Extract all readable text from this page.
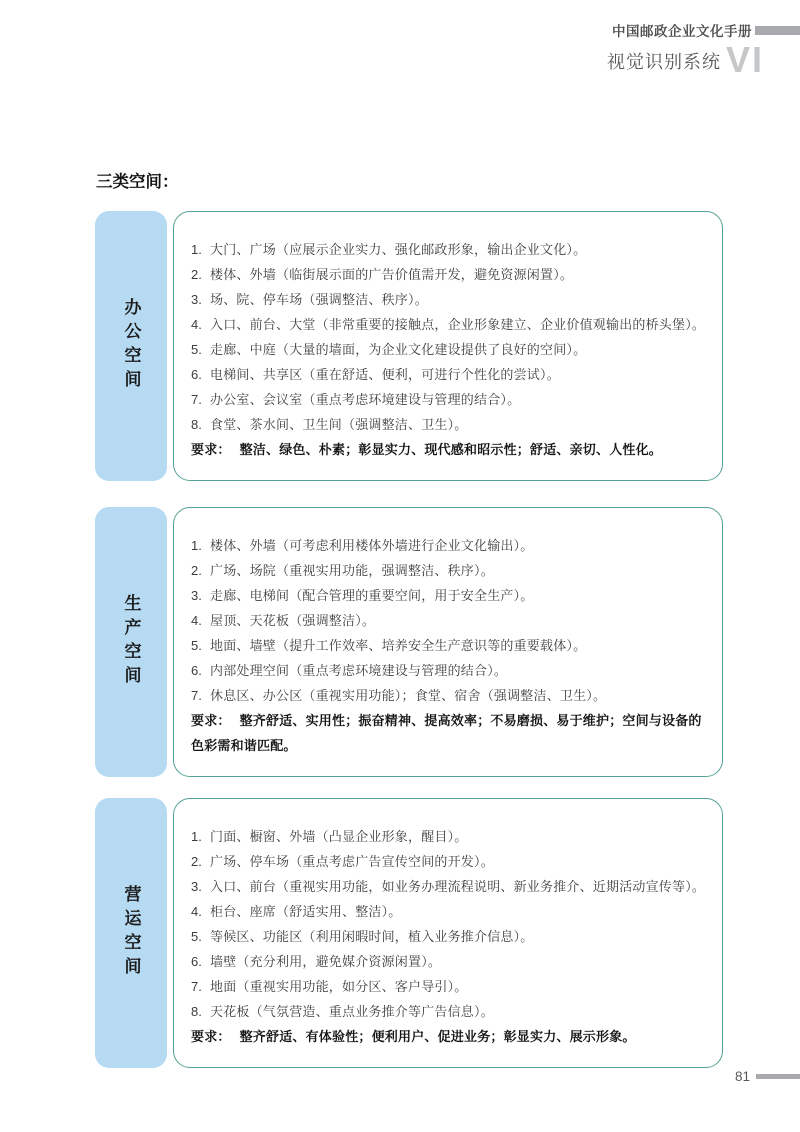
中国邮政企业文化手册
视觉识别系统 VI
三类空间：
办公空间
1. 大门、广场（应展示企业实力、强化邮政形象，输出企业文化）。
2. 楼体、外墙（临街展示面的广告价值需开发，避免资源闲置）。
3. 场、院、停车场（强调整洁、秩序）。
4. 入口、前台、大堂（非常重要的接触点，企业形象建立、企业价值观输出的桥头堡）。
5. 走廊、中庭（大量的墙面，为企业文化建设提供了良好的空间）。
6. 电梯间、共享区（重在舒适、便利，可进行个性化的尝试）。
7. 办公室、会议室（重点考虑环境建设与管理的结合）。
8. 食堂、茶水间、卫生间（强调整洁、卫生）。

要求： 整洁、绿色、朴素；彰显实力、现代感和昭示性；舒适、亲切、人性化。

生产空间
1. 楼体、外墙（可考虑利用楼体外墙进行企业文化输出）。
2. 广场、场院（重视实用功能，强调整洁、秩序）。
3. 走廊、电梯间（配合管理的重要空间，用于安全生产）。
4. 屋顶、天花板（强调整洁）。
5. 地面、墙壁（提升工作效率、培养安全生产意识等的重要载体）。
6. 内部处理空间（重点考虑环境建设与管理的结合）。
7. 休息区、办公区（重视实用功能）；食堂、宿舍（强调整洁、卫生）。

要求： 整齐舒适、实用性；振奋精神、提高效率；不易磨损、易于维护；空间与设备的色彩需和谐匹配。

营运空间
1. 门面、橱窗、外墙（凸显企业形象，醒目）。
2. 广场、停车场（重点考虑广告宣传空间的开发）。
3. 入口、前台（重视实用功能，如业务办理流程说明、新业务推介、近期活动宣传等）。
4. 柜台、座席（舒适实用、整洁）。
5. 等候区、功能区（利用闲暇时间，植入业务推介信息）。
6. 墙壁（充分利用，避免媒介资源闲置）。
7. 地面（重视实用功能，如分区、客户导引）。
8. 天花板（气氛营造、重点业务推介等广告信息）。

要求： 整齐舒适、有体验性；便利用户、促进业务；彰显实力、展示形象。

81
